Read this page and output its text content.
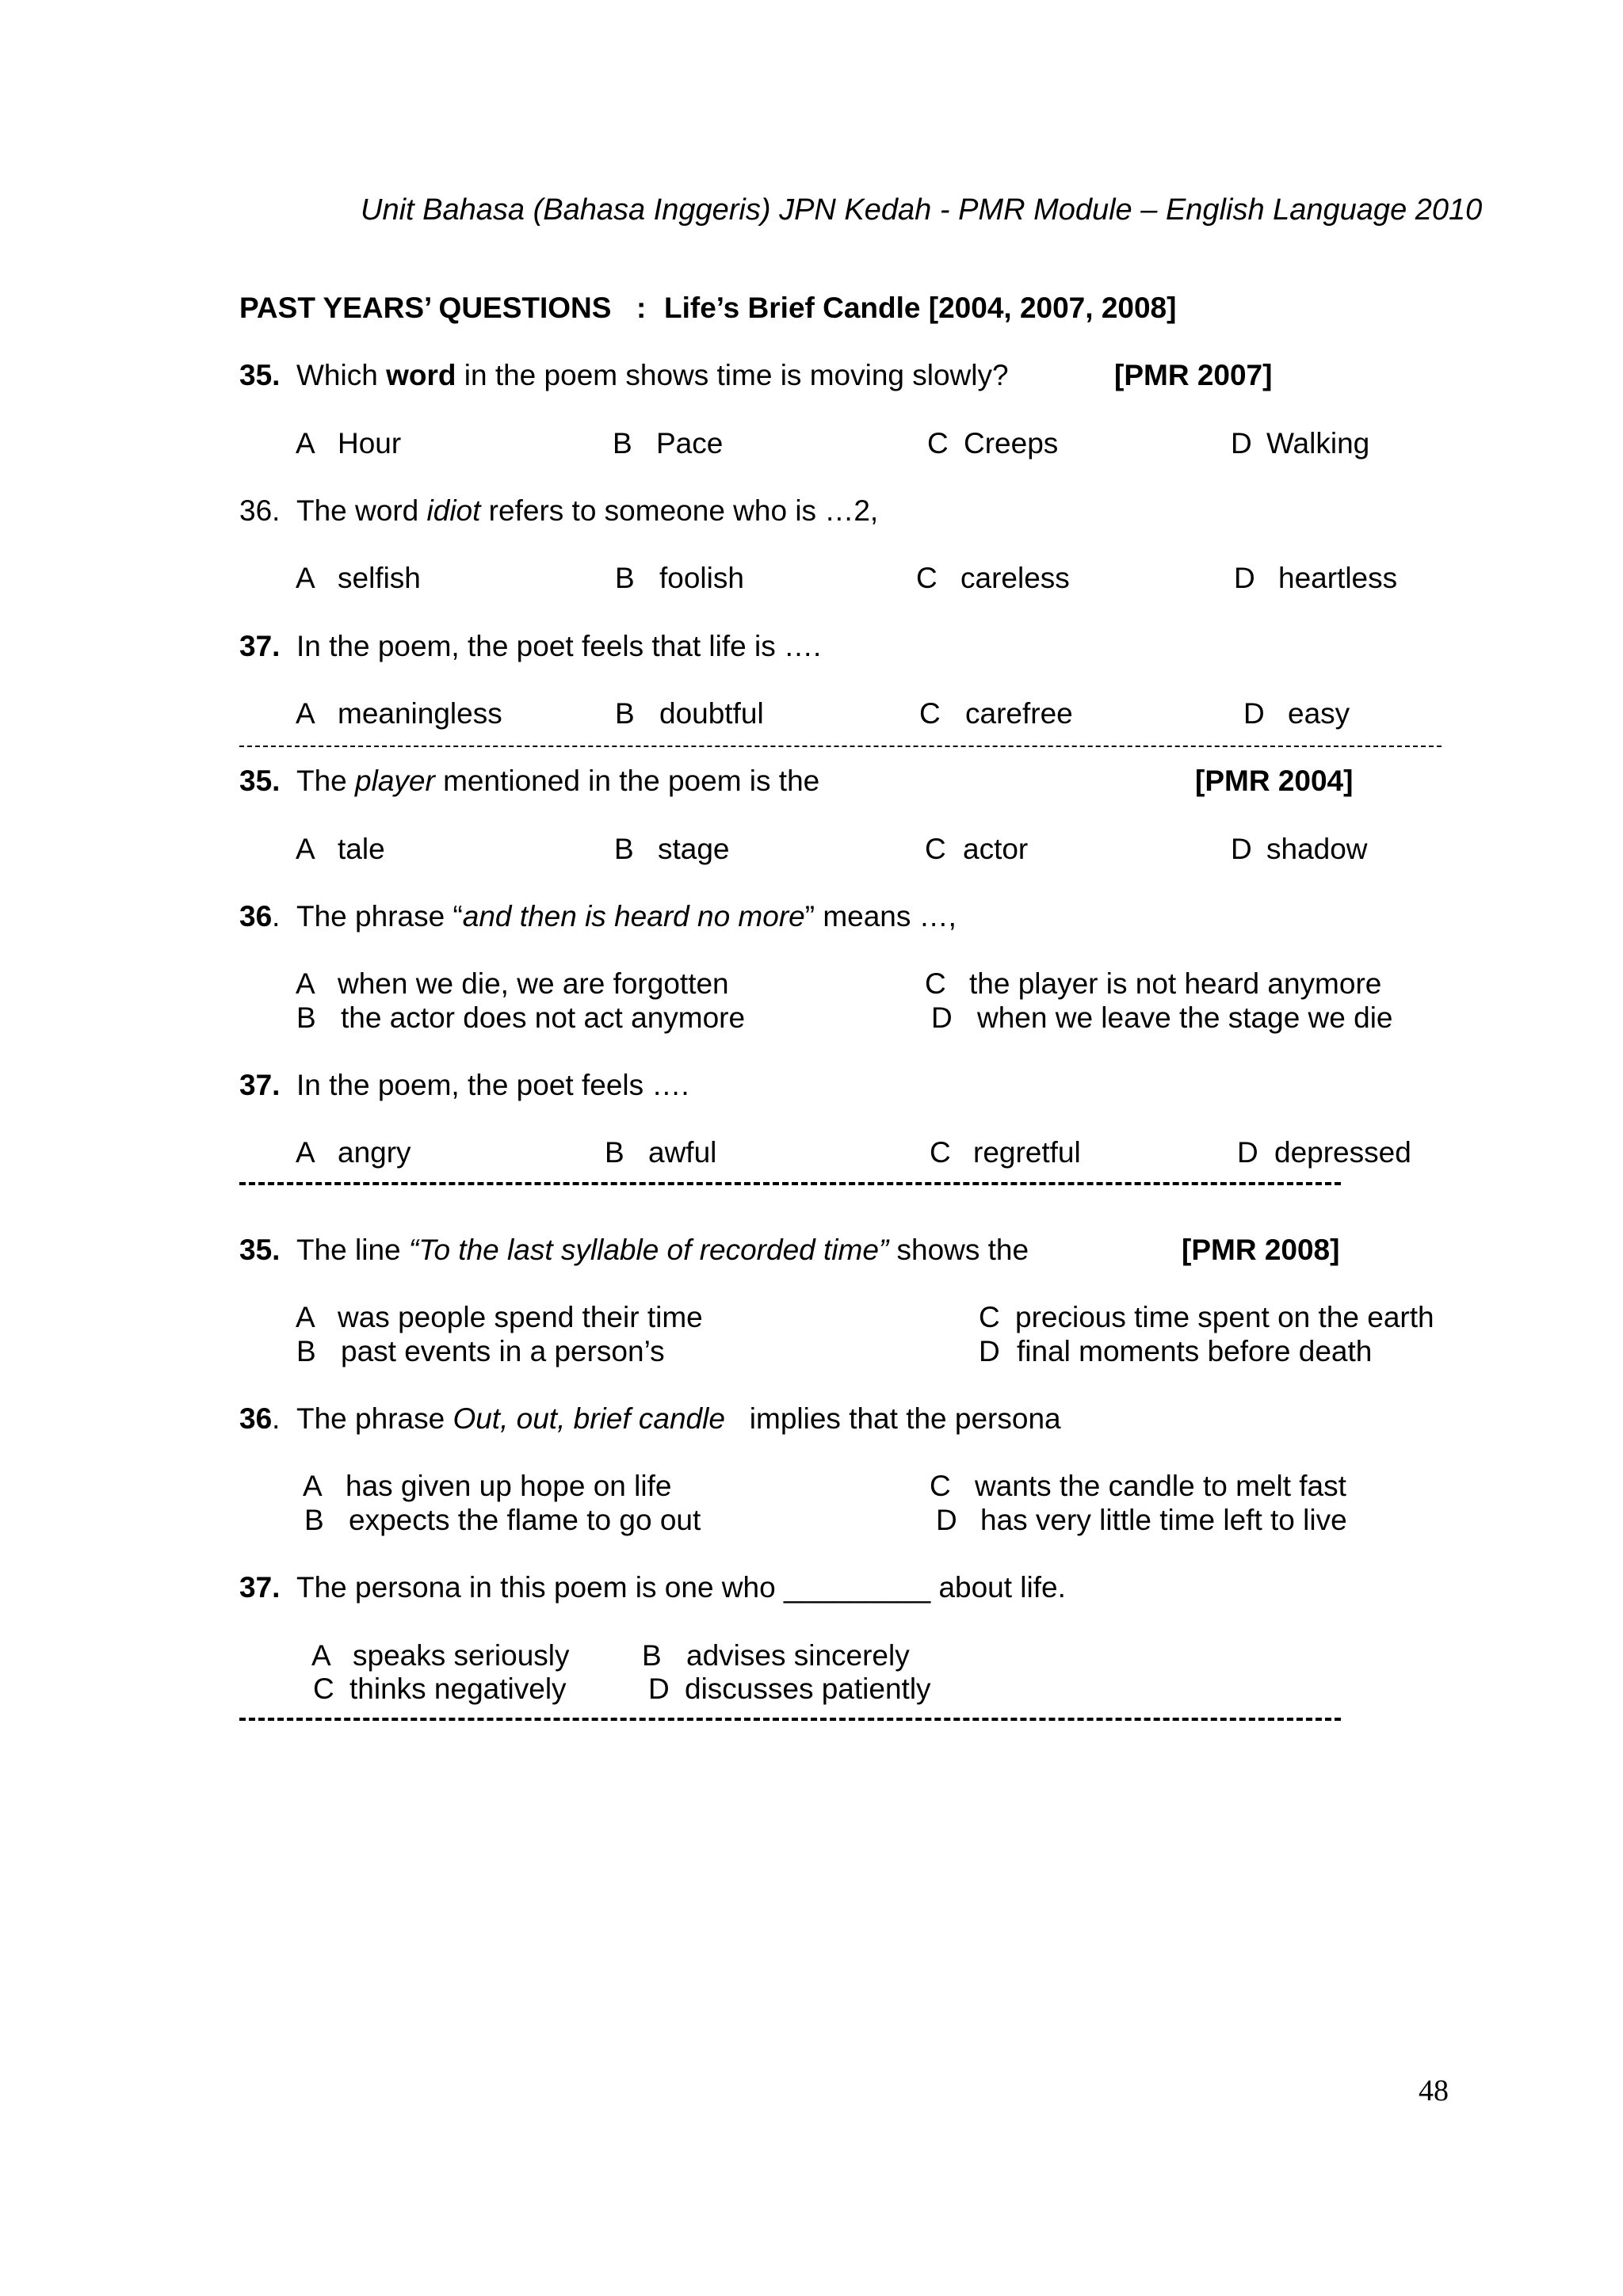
Unit Bahasa (Bahasa Inggeris) JPN Kedah - PMR Module – English Language 2010
PAST YEARS’ QUESTIONS : Life’s Brief Candle [2004, 2007, 2008]
35. Which word in the poem shows time is moving slowly?	[PMR 2007]
A Hour	B Pace	C Creeps	D Walking
36. The word idiot refers to someone who is …2,
A selfish	B foolish	C careless	D heartless
37. In the poem, the poet feels that life is ….
A meaningless	B doubtful	C carefree	D easy
35. The player mentioned in the poem is the	[PMR 2004]
A tale	B stage	C actor	D shadow
36. The phrase “and then is heard no more” means …,
A when we die, we are forgotten
B the actor does not act anymore
C the player is not heard anymore
D when we leave the stage we die
37. In the poem, the poet feels ….
A angry	B awful	C regretful	D depressed
35. The line “To the last syllable of recorded time” shows the	[PMR 2008]
A was people spend their time
B past events in a person’s
C precious time spent on the earth
D final moments before death
36. The phrase Out, out, brief candle   implies that the persona
A has given up hope on life
B expects the flame to go out
C wants the candle to melt fast
D has very little time left to live
37. The persona in this poem is one who _________ about life.
A speaks seriously
C thinks negatively
B advises sincerely
D discusses patiently
48
